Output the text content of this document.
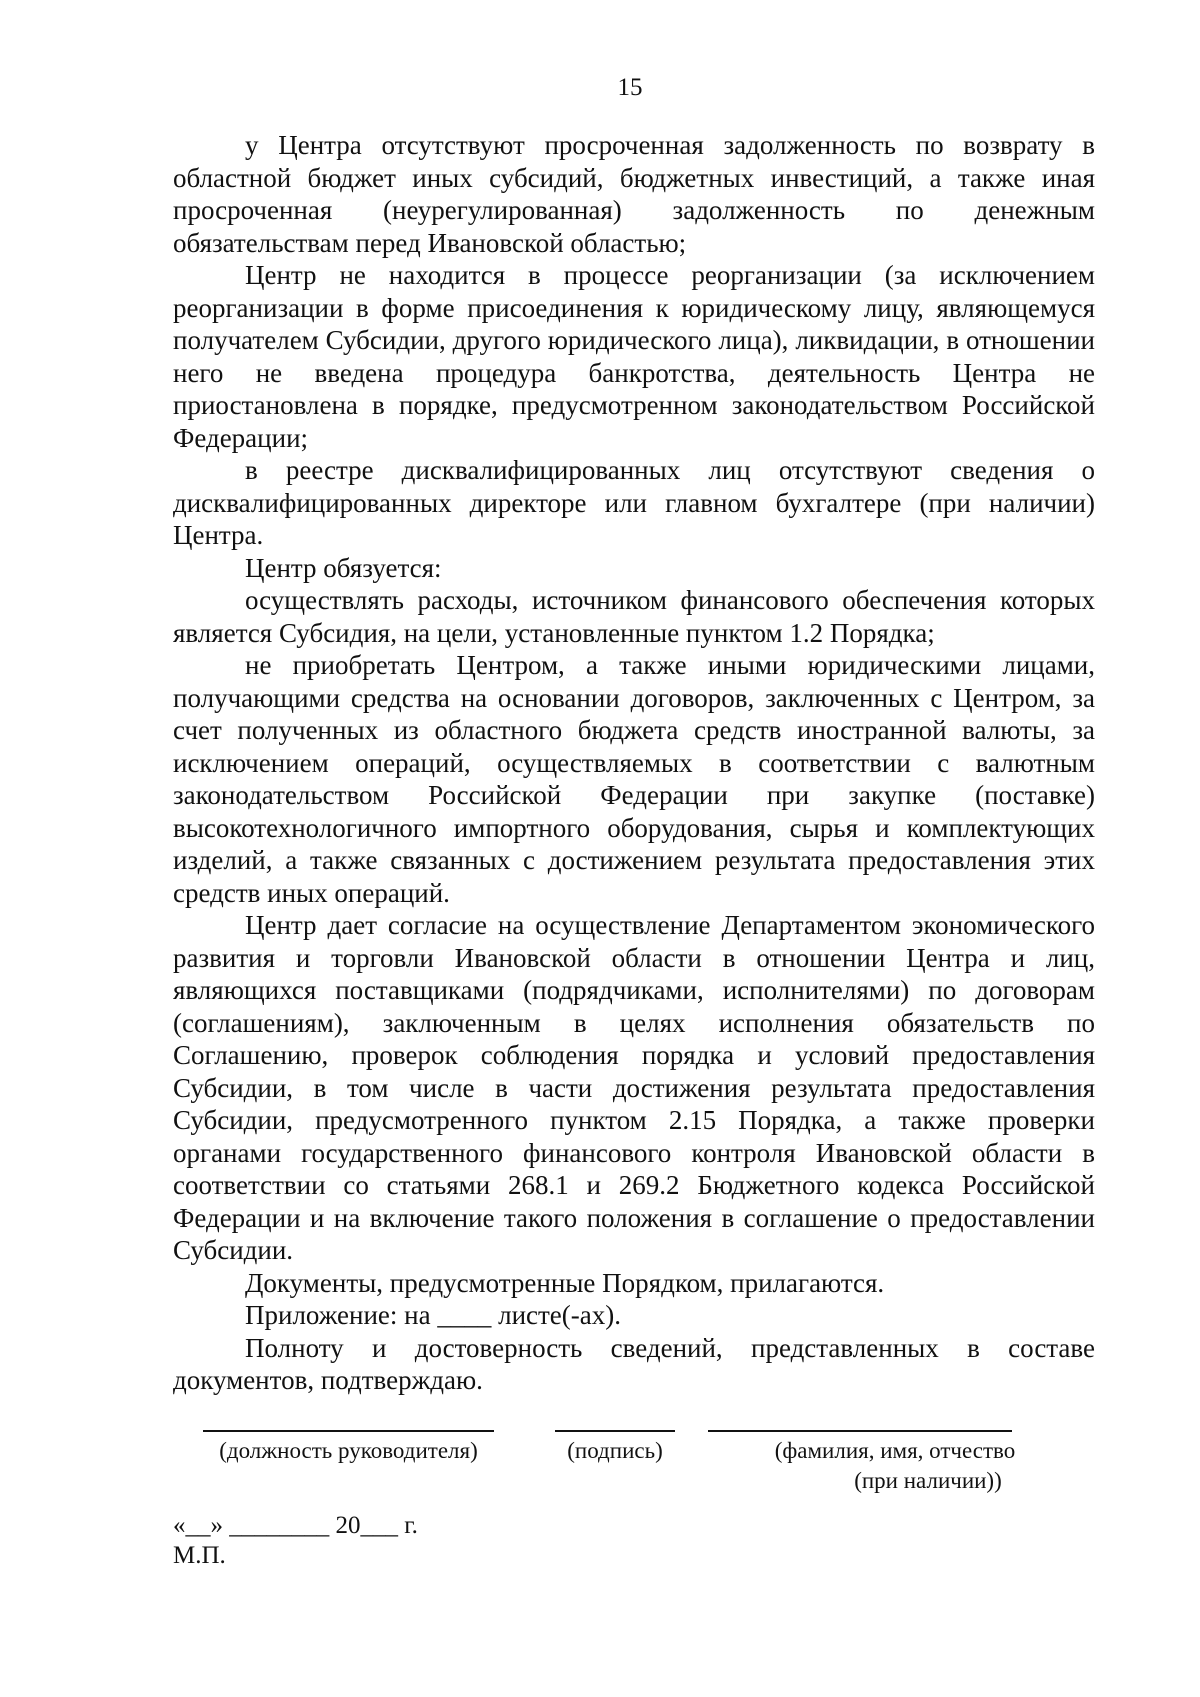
15

у Центра отсутствуют просроченная задолженность по возврату в областной бюджет иных субсидий, бюджетных инвестиций, а также иная просроченная (неурегулированная) задолженность по денежным обязательствам перед Ивановской областью;

Центр не находится в процессе реорганизации (за исключением реорганизации в форме присоединения к юридическому лицу, являющемуся получателем Субсидии, другого юридического лица), ликвидации, в отношении него не введена процедура банкротства, деятельность Центра не приостановлена в порядке, предусмотренном законодательством Российской Федерации;

в реестре дисквалифицированных лиц отсутствуют сведения о дисквалифицированных директоре или главном бухгалтере (при наличии) Центра.

Центр обязуется:

осуществлять расходы, источником финансового обеспечения которых является Субсидия, на цели, установленные пунктом 1.2 Порядка;

не приобретать Центром, а также иными юридическими лицами, получающими средства на основании договоров, заключенных с Центром, за счет полученных из областного бюджета средств иностранной валюты, за исключением операций, осуществляемых в соответствии с валютным законодательством Российской Федерации при закупке (поставке) высокотехнологичного импортного оборудования, сырья и комплектующих изделий, а также связанных с достижением результата предоставления этих средств иных операций.

Центр дает согласие на осуществление Департаментом экономического развития и торговли Ивановской области в отношении Центра и лиц, являющихся поставщиками (подрядчиками, исполнителями) по договорам (соглашениям), заключенным в целях исполнения обязательств по Соглашению, проверок соблюдения порядка и условий предоставления Субсидии, в том числе в части достижения результата предоставления Субсидии, предусмотренного пунктом 2.15 Порядка, а также проверки органами государственного финансового контроля Ивановской области в соответствии со статьями 268.1 и 269.2 Бюджетного кодекса Российской Федерации и на включение такого положения в соглашение о предоставлении Субсидии.

Документы, предусмотренные Порядком, прилагаются.

Приложение: на ____ листе(-ах).

Полноту и достоверность сведений, представленных в составе документов, подтверждаю.

(должность руководителя)	(подпись)	(фамилия, имя, отчество
(при наличии))
«__» ________ 20___ г.
М.П.
